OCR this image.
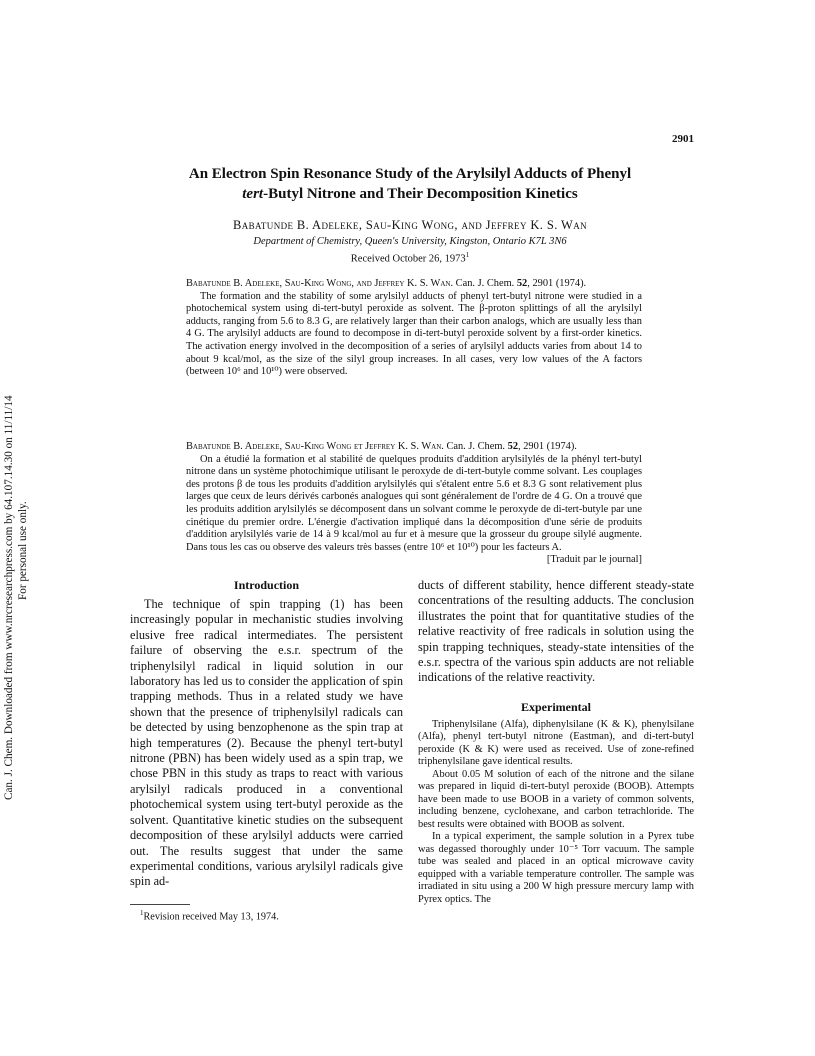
Can. J. Chem. Downloaded from www.nrcresearchpress.com by 64.107.14.30 on 11/11/14 For personal use only.
2901
An Electron Spin Resonance Study of the Arylsilyl Adducts of Phenyl
tert-Butyl Nitrone and Their Decomposition Kinetics
Babatunde B. Adeleke, Sau-King Wong, and Jeffrey K. S. Wan
Department of Chemistry, Queen's University, Kingston, Ontario K7L 3N6
Received October 26, 1973$^1$

Babatunde B. Adeleke, Sau-King Wong, and Jeffrey K. S. Wan. Can. J. Chem. 52, 2901 (1974).

The formation and the stability of some arylsilyl adducts of phenyl tert-butyl nitrone were studied in a photochemical system using di-tert-butyl peroxide as solvent. The β-proton splittings of all the arylsilyl adducts, ranging from 5.6 to 8.3 G, are relatively larger than their carbon analogs, which are usually less than 4 G. The arylsilyl adducts are found to decompose in di-tert-butyl peroxide solvent by a first-order kinetics. The activation energy involved in the decomposition of a series of arylsilyl adducts varies from about 14 to about 9 kcal/mol, as the size of the silyl group increases. In all cases, very low values of the A factors (between 10⁶ and 10¹⁰) were observed.

Babatunde B. Adeleke, Sau-King Wong et Jeffrey K. S. Wan. Can. J. Chem. 52, 2901 (1974).

On a étudié la formation et al stabilité de quelques produits d'addition arylsilylés de la phényl tert-butyl nitrone dans un système photochimique utilisant le peroxyde de di-tert-butyle comme solvant. Les couplages des protons β de tous les produits d'addition arylsilylés qui s'étalent entre 5.6 et 8.3 G sont relativement plus larges que ceux de leurs dérivés carbonés analogues qui sont généralement de l'ordre de 4 G. On a trouvé que les produits addition arylsilylés se décomposent dans un solvant comme le peroxyde de di-tert-butyle par une cinétique du premier ordre. L'énergie d'activation impliqué dans la décomposition d'une série de produits d'addition arylsilylés varie de 14 à 9 kcal/mol au fur et à mesure que la grosseur du groupe silylé augmente. Dans tous les cas ou observe des valeurs très basses (entre 10⁶ et 10¹⁰) pour les facteurs A.

[Traduit par le journal]

Introduction

The technique of spin trapping (1) has been increasingly popular in mechanistic studies involving elusive free radical intermediates. The persistent failure of observing the e.s.r. spectrum of the triphenylsilyl radical in liquid solution in our laboratory has led us to consider the application of spin trapping methods. Thus in a related study we have shown that the presence of triphenylsilyl radicals can be detected by using benzophenone as the spin trap at high temperatures (2). Because the phenyl tert-butyl nitrone (PBN) has been widely used as a spin trap, we chose PBN in this study as traps to react with various arylsilyl radicals produced in a conventional photochemical system using tert-butyl peroxide as the solvent. Quantitative kinetic studies on the subsequent decomposition of these arylsilyl adducts were carried out. The results suggest that under the same experimental conditions, various arylsilyl radicals give spin ad-

ducts of different stability, hence different steady-state concentrations of the resulting adducts. The conclusion illustrates the point that for quantitative studies of the relative reactivity of free radicals in solution using the spin trapping techniques, steady-state intensities of the e.s.r. spectra of the various spin adducts are not reliable indications of the relative reactivity.

Experimental

Triphenylsilane (Alfa), diphenylsilane (K & K), phenylsilane (Alfa), phenyl tert-butyl nitrone (Eastman), and di-tert-butyl peroxide (K & K) were used as received. Use of zone-refined triphenylsilane gave identical results.

About 0.05 M solution of each of the nitrone and the silane was prepared in liquid di-tert-butyl peroxide (BOOB). Attempts have been made to use BOOB in a variety of common solvents, including benzene, cyclohexane, and carbon tetrachloride. The best results were obtained with BOOB as solvent.

In a typical experiment, the sample solution in a Pyrex tube was degassed thoroughly under 10⁻⁵ Torr vacuum. The sample tube was sealed and placed in an optical microwave cavity equipped with a variable temperature controller. The sample was irradiated in situ using a 200 W high pressure mercury lamp with Pyrex optics. The

$^1$Revision received May 13, 1974.
